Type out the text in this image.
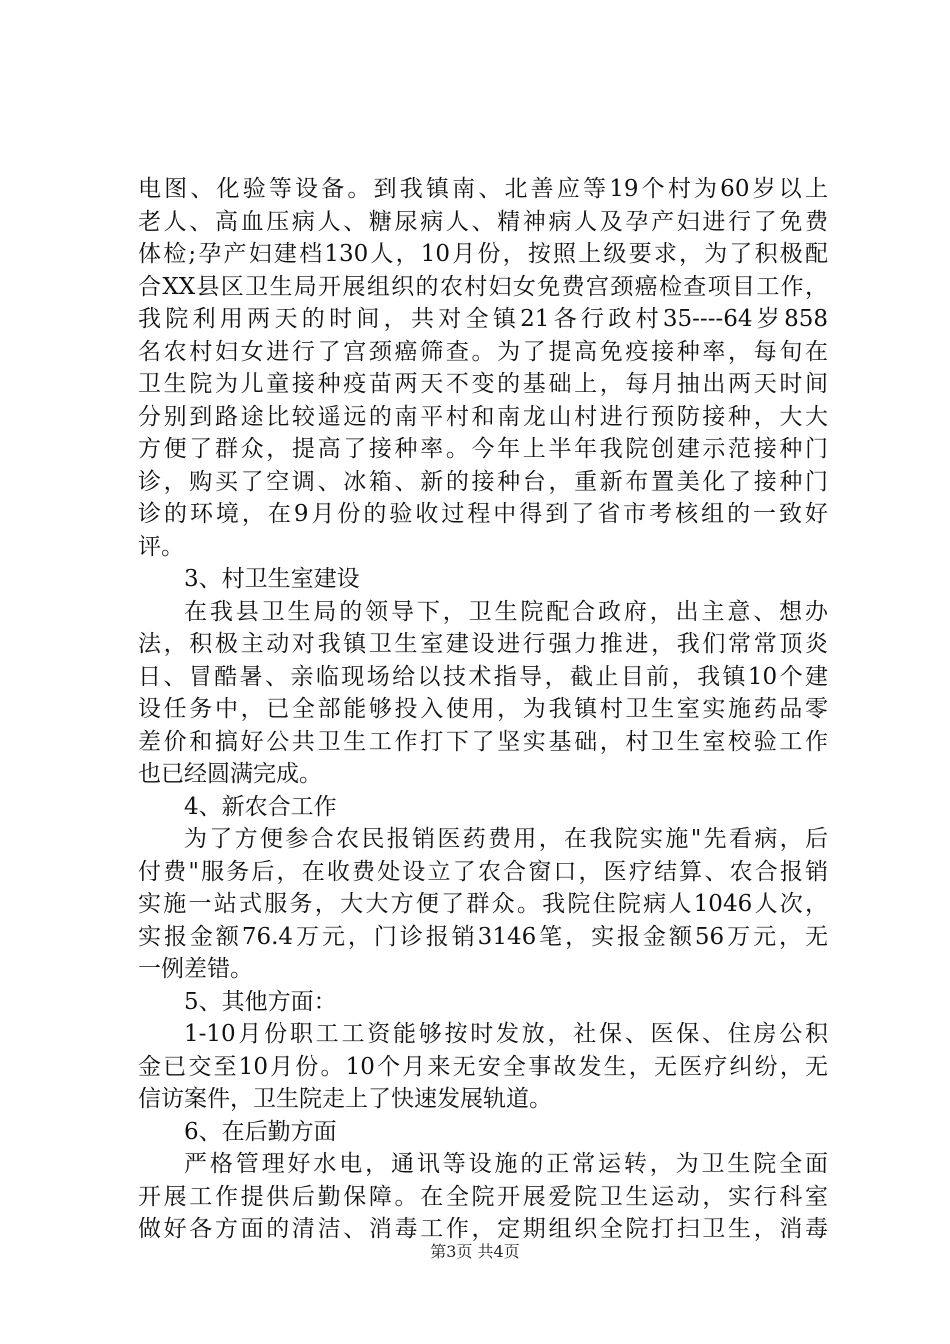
电图、化验等设备。到我镇南、北善应等19个村为60岁以上
老人、高血压病人、糖尿病人、精神病人及孕产妇进行了免费
体检;孕产妇建档130人，10月份，按照上级要求，为了积极配
合XX县区卫生局开展组织的农村妇女免费宫颈癌检查项目工作，
我院利用两天的时间，共对全镇21各行政村35----64岁858
名农村妇女进行了宫颈癌筛查。为了提高免疫接种率，每旬在
卫生院为儿童接种疫苗两天不变的基础上，每月抽出两天时间
分别到路途比较遥远的南平村和南龙山村进行预防接种，大大
方便了群众，提高了接种率。今年上半年我院创建示范接种门
诊，购买了空调、冰箱、新的接种台，重新布置美化了接种门
诊的环境，在9月份的验收过程中得到了省市考核组的一致好
评。
3、村卫生室建设
在我县卫生局的领导下，卫生院配合政府，出主意、想办
法，积极主动对我镇卫生室建设进行强力推进，我们常常顶炎
日、冒酷暑、亲临现场给以技术指导，截止目前，我镇10个建
设任务中，已全部能够投入使用，为我镇村卫生室实施药品零
差价和搞好公共卫生工作打下了坚实基础，村卫生室校验工作
也已经圆满完成。
4、新农合工作
为了方便参合农民报销医药费用，在我院实施"先看病，后
付费"服务后，在收费处设立了农合窗口，医疗结算、农合报销
实施一站式服务，大大方便了群众。我院住院病人1046人次，
实报金额76.4万元，门诊报销3146笔，实报金额56万元，无
一例差错。
5、其他方面：
1-10月份职工工资能够按时发放，社保、医保、住房公积
金已交至10月份。10个月来无安全事故发生，无医疗纠纷，无
信访案件，卫生院走上了快速发展轨道。
6、在后勤方面
严格管理好水电，通讯等设施的正常运转，为卫生院全面
开展工作提供后勤保障。在全院开展爱院卫生运动，实行科室
做好各方面的清洁、消毒工作，定期组织全院打扫卫生，消毒
第3页 共4页
